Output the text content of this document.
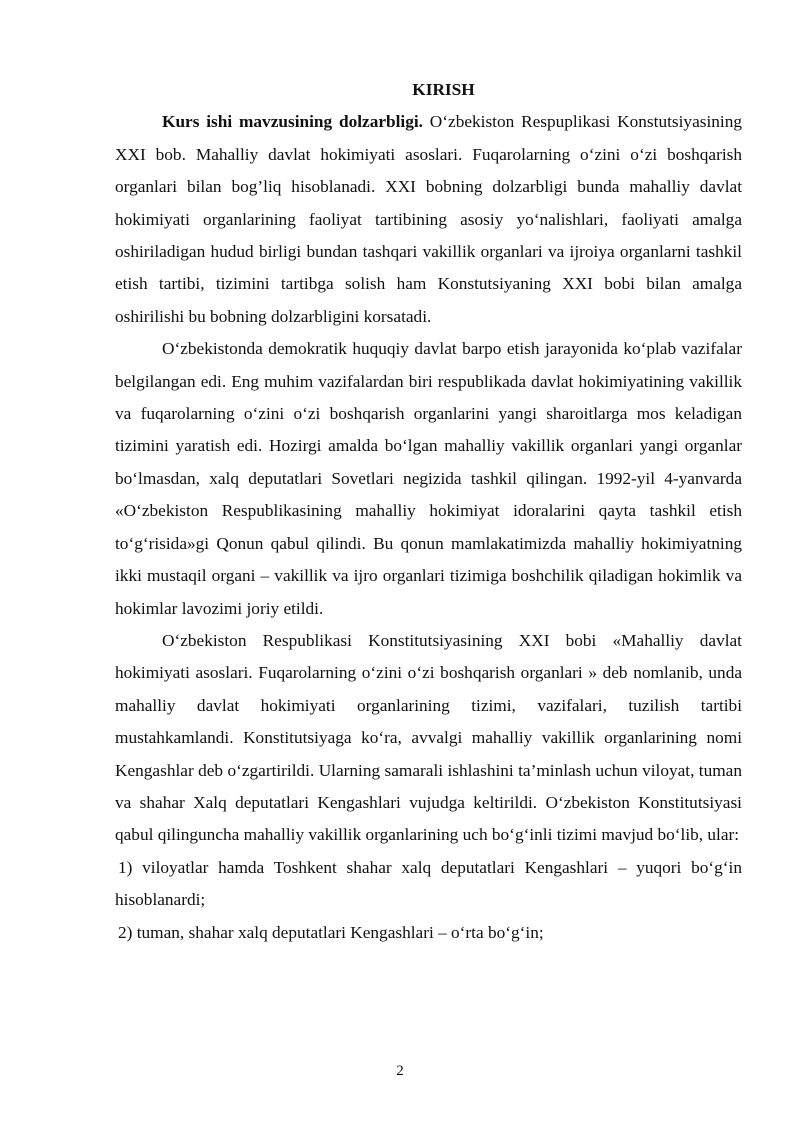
KIRISH

Kurs ishi mavzusining dolzarbligi. O‘zbekiston Respuplikasi Konstutsiyasining XXI bob. Mahalliy davlat hokimiyati asoslari. Fuqarolarning o‘zini o‘zi boshqarish organlari bilan bog’liq hisoblanadi. XXI bobning dolzarbligi bunda mahalliy davlat hokimiyati organlarining faoliyat tartibining asosiy yo‘nalishlari, faoliyati amalga oshiriladigan hudud birligi bundan tashqari vakillik organlari va ijroiya organlarni tashkil etish tartibi, tizimini tartibga solish ham Konstutsiyaning XXI bobi bilan amalga oshirilishi bu bobning dolzarbligini korsatadi.

O‘zbekistonda demokratik huquqiy davlat barpo etish jarayonida ko‘plab vazifalar belgilangan edi. Eng muhim vazifalardan biri respublikada davlat hokimiyatining vakillik va fuqarolarning o‘zini o‘zi boshqarish organlarini yangi sharoitlarga mos keladigan tizimini yaratish edi. Hozirgi amalda bo‘lgan mahalliy vakillik organlari yangi organlar bo‘lmasdan, xalq deputatlari Sovetlari negizida tashkil qilingan. 1992-yil 4-yanvarda «O‘zbekiston Respublikasining mahalliy hokimiyat idoralarini qayta tashkil etish to‘g‘risida»gi Qonun qabul qilindi. Bu qonun mamlakatimizda mahalliy hokimiyatning ikki mustaqil organi – vakillik va ijro organlari tizimiga boshchilik qiladigan hokimlik va hokimlar lavozimi joriy etildi.

O‘zbekiston Respublikasi Konstitutsiyasining XXI bobi «Mahalliy davlat hokimiyati asoslari. Fuqarolarning o‘zini o‘zi boshqarish organlari » deb nomlanib, unda mahalliy davlat hokimiyati organlarining tizimi, vazifalari, tuzilish tartibi mustahkamlandi. Konstitutsiyaga ko‘ra, avvalgi mahalliy vakillik organlarining nomi Kengashlar deb o‘zgartirildi. Ularning samarali ishlashini ta’minlash uchun viloyat, tuman va shahar Xalq deputatlari Kengashlari vujudga keltirildi. O‘zbekiston Konstitutsiyasi qabul qilinguncha mahalliy vakillik organlarining uch bo‘g‘inli tizimi mavjud bo‘lib, ular:

1) viloyatlar hamda Toshkent shahar xalq deputatlari Kengashlari – yuqori bo‘g‘in hisoblanardi;

2) tuman, shahar xalq deputatlari Kengashlari – o‘rta bo‘g‘in;

2
